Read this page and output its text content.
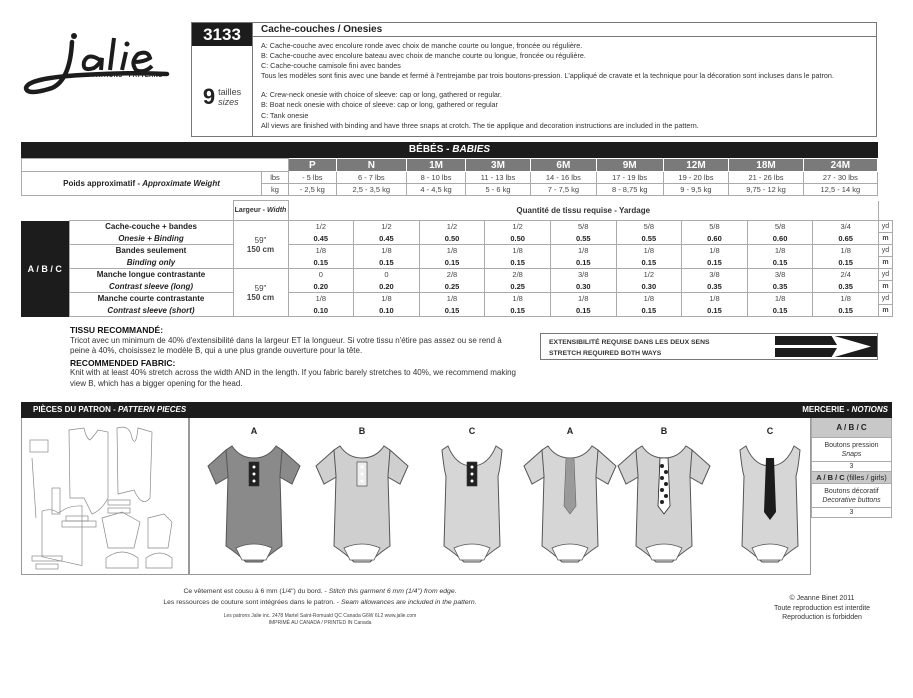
PATRONS - PATTERNS
3133
9 tailles
sizes
Cache-couches / Onesies
A: Cache-couche avec encolure ronde avec choix de manche courte ou longue, froncée ou régulière.
B: Cache-couche avec encolure bateau avec choix de manche courte ou longue, froncée ou régulière.
C: Cache-couche camisole fini avec bandes
Tous les modèles sont finis avec une bande et fermé à l'entrejambe par trois boutons-pression. L'appliqué de cravate et la technique pour la décoration sont incluses dans le patron.
A: Crew-neck onesie with choice of sleeve: cap or long, gathered or regular.
B: Boat neck onesie with choice of sleeve: cap or long, gathered or regular
C: Tank onesie
All views are finished with binding and have three snaps at crotch. The tie applique and decoration instructions are included in the pattern.
BÉBÉS - BABIES
		P	N	1M	3M	6M	9M	12M	18M	24M
Poids approximatif - Approximate Weight	lbs	- 5 lbs	6 - 7 lbs	8 - 10 lbs	11 - 13 lbs	14 - 16 lbs	17 - 19 lbs	19 - 20 lbs	21 - 26 lbs	27 - 30 lbs
	kg	- 2,5 kg	2,5 - 3,5 kg	4 - 4,5 kg	5 - 6 kg	7 - 7,5 kg	8 - 8,75 kg	9 - 9,5 kg	9,75 - 12 kg	12,5 - 14 kg
		Largeur - Width	Quantité de tissu requise - Yardage									
A / B / C	Cache-couche + bandes	59"
150 cm	1/2	1/2	1/2	1/2	5/8	5/8	5/8	5/8	3/4	yd
	Onesie + Binding		0.45	0.45	0.50	0.50	0.55	0.55	0.60	0.60	0.65	m
	Bandes seulement		1/8	1/8	1/8	1/8	1/8	1/8	1/8	1/8	1/8	yd
	Binding only		0.15	0.15	0.15	0.15	0.15	0.15	0.15	0.15	0.15	m
	Manche longue contrastante	59"
150 cm	0	0	2/8	2/8	3/8	1/2	3/8	3/8	2/4	yd
	Contrast sleeve (long)		0.20	0.20	0.25	0.25	0.30	0.30	0.35	0.35	0.35	m
	Manche courte contrastante		1/8	1/8	1/8	1/8	1/8	1/8	1/8	1/8	1/8	yd
	Contrast sleeve (short)		0.10	0.10	0.15	0.15	0.15	0.15	0.15	0.15	0.15	m
TISSU RECOMMANDÉ:

Tricot avec un minimum de 40% d'extensibilité dans la largeur ET la longueur. Si votre tissu n'étire pas assez ou se rend à peine à 40%, choisissez le modèle B, qui a une plus grande ouverture pour la tête.

RECOMMENDED FABRIC:

Knit with at least 40% stretch across the width AND in the length. If you fabric barely stretches to 40%, we recommend making view B, which has a bigger opening for the head.

EXTENSIBILITÉ REQUISE DANS LES DEUX SENS
STRETCH REQUIRED BOTH WAYS
PIÈCES DU PATRON - PATTERN PIECES	MERCERIE - NOTIONS
A	B	C	A	B	C	A / B / C
Boutons pression
Snaps
3
A / B / C (filles / girls)
Boutons décoratif
Decorative buttons
3
Ce vêtement est cousu à 6 mm (1/4") du bord. - Stitch this garment 6 mm (1/4") from edge.
Les ressources de couture sont intégrées dans le patron. - Seam allowances are included in the pattern.
Les patrons Jalie inc. 2478 Martel Saint-Romuald QC Canada G6W 6L2 www.jalie.com
IMPRIMÉ AU CANADA / PRINTED IN Canada
© Jeanne Binet 2011
Toute reproduction est interdite
Reproduction is forbidden
